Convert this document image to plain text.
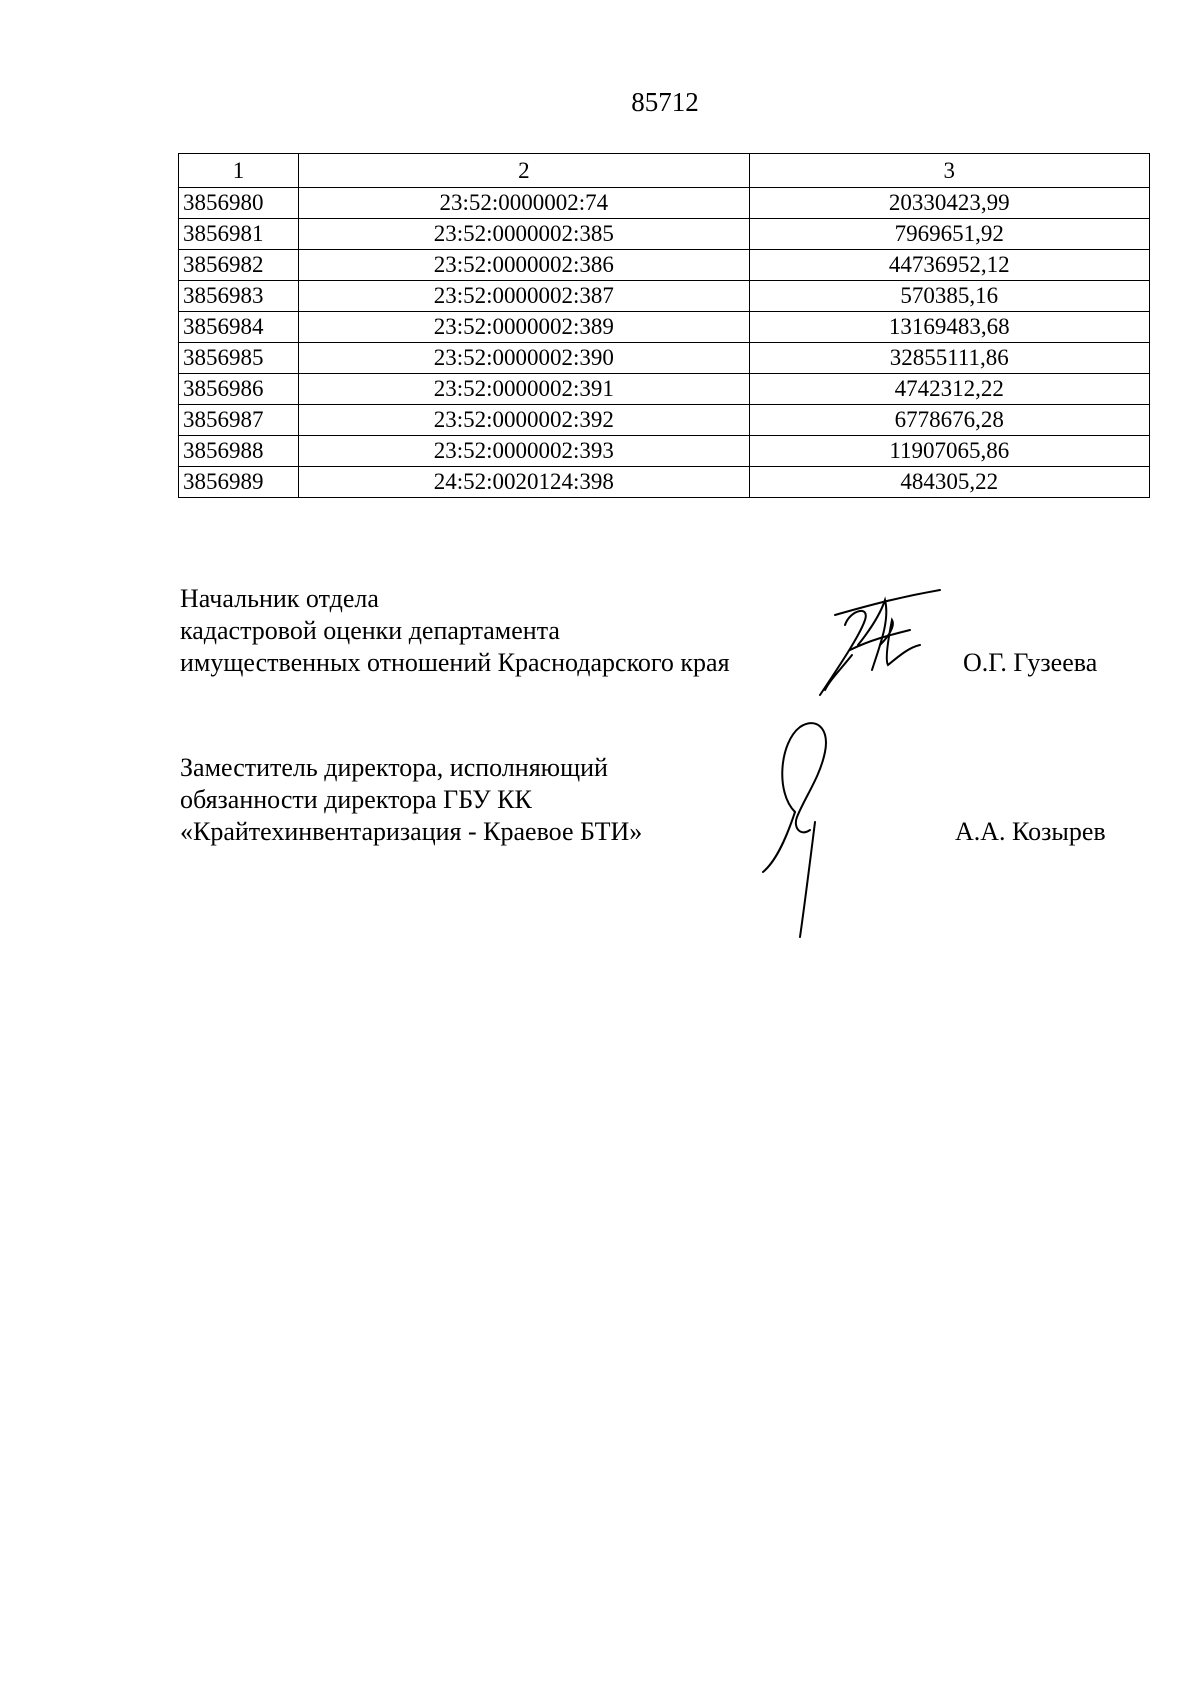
85712
1	2	3
3856980	23:52:0000002:74	20330423,99
3856981	23:52:0000002:385	7969651,92
3856982	23:52:0000002:386	44736952,12
3856983	23:52:0000002:387	570385,16
3856984	23:52:0000002:389	13169483,68
3856985	23:52:0000002:390	32855111,86
3856986	23:52:0000002:391	4742312,22
3856987	23:52:0000002:392	6778676,28
3856988	23:52:0000002:393	11907065,86
3856989	24:52:0020124:398	484305,22
Начальник отдела
кадастровой оценки департамента
имущественных отношений Краснодарского края	О.Г. Гузеева
Заместитель директора, исполняющий
обязанности директора ГБУ КК
«Крайтехинвентаризация - Краевое БТИ»	А.А. Козырев
